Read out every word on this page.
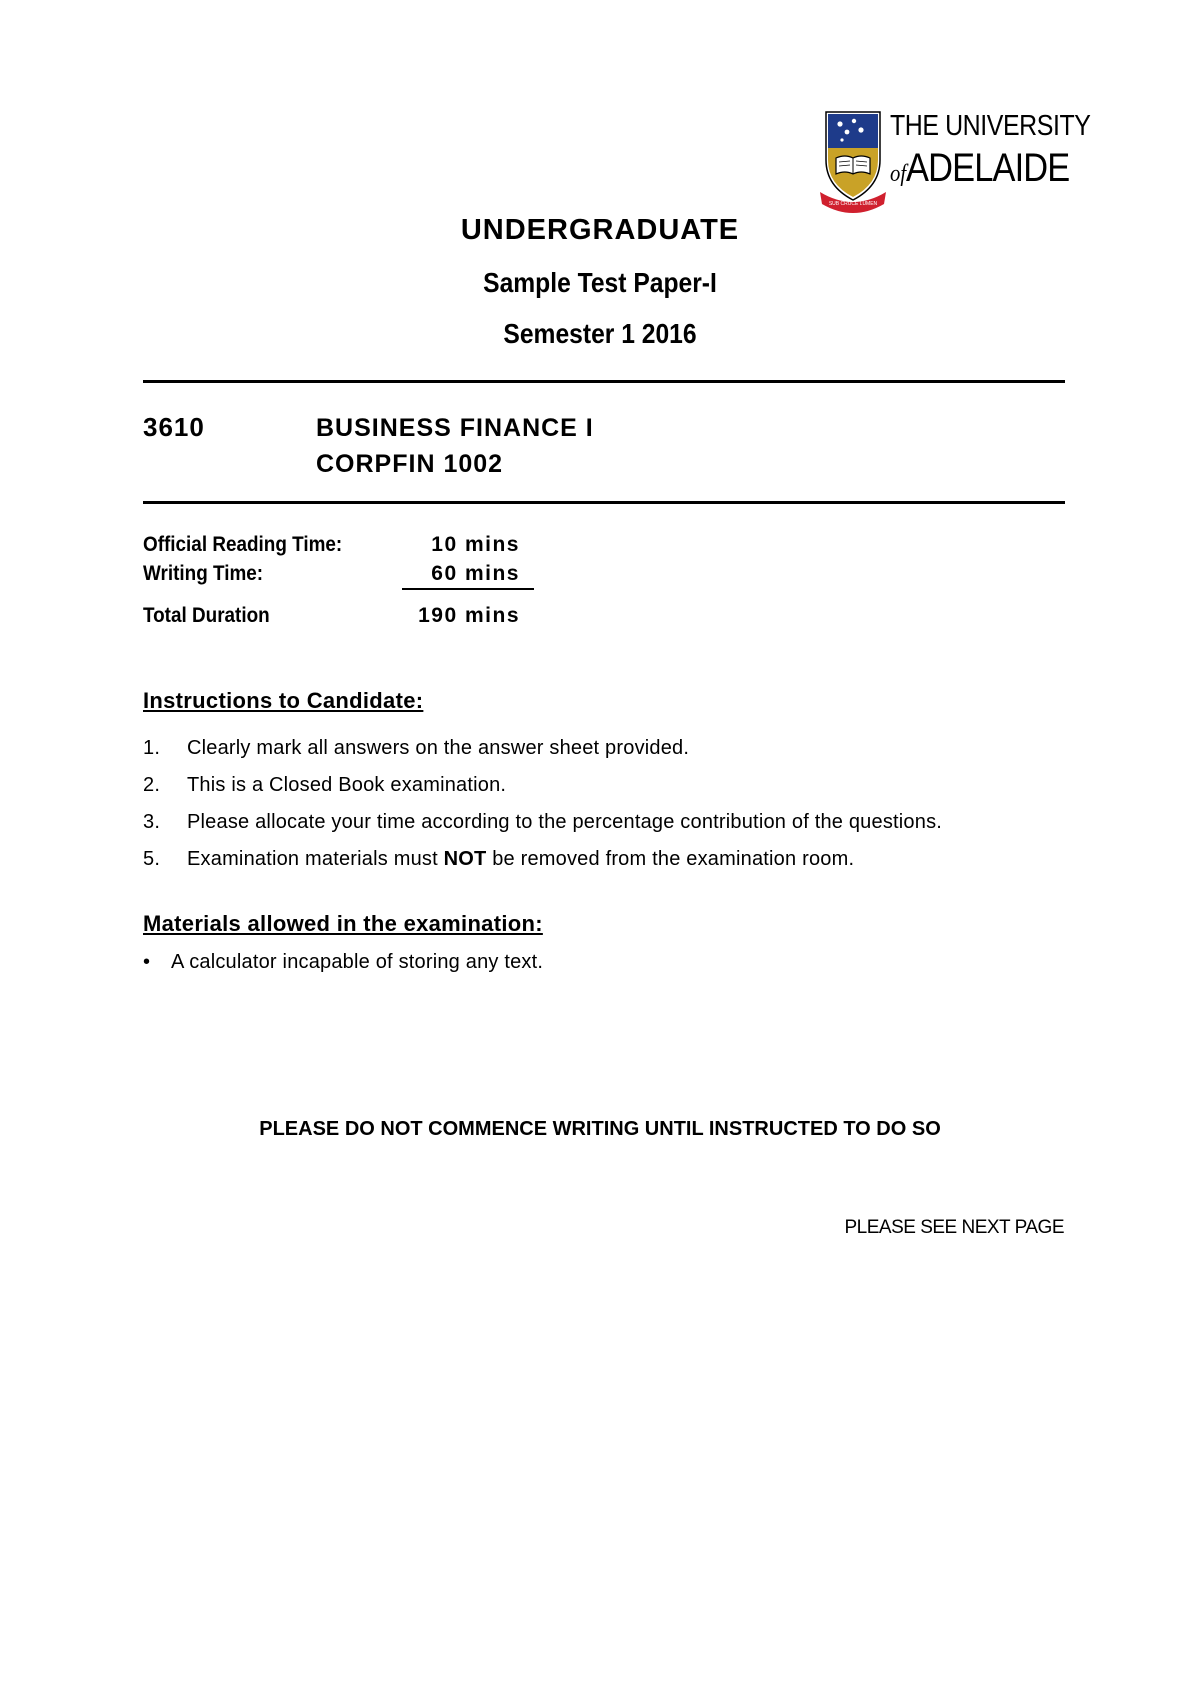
SUB CRUCE LUMEN
THE UNIVERSITY
ofADELAIDE
UNDERGRADUATE
Sample Test Paper-I
Semester 1 2016
3610	BUSINESS FINANCE I
CORPFIN 1002
Official Reading Time:	10 mins
Writing Time:	60 mins
Total Duration	190 mins
Instructions to Candidate:
1. Clearly mark all answers on the answer sheet provided.
2. This is a Closed Book examination.
3. Please allocate your time according to the percentage contribution of the questions.
5. Examination materials must NOT be removed from the examination room.
Materials allowed in the examination:
• A calculator incapable of storing any text.
PLEASE DO NOT COMMENCE WRITING UNTIL INSTRUCTED TO DO SO
PLEASE SEE NEXT PAGE
